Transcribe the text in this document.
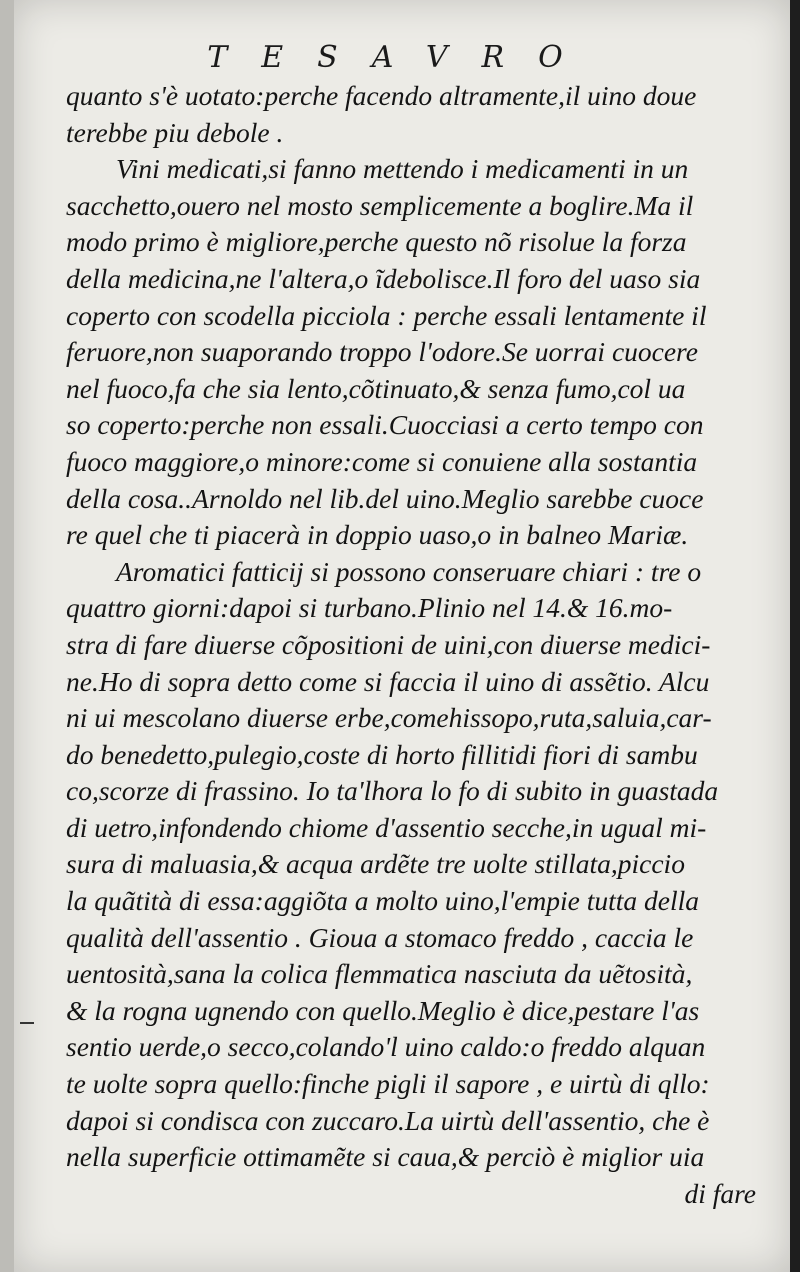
TESAVRO
quanto s'è uotato:perche facendo altramente,il uino doue
terebbe piu debole .
Vini medicati,si fanno mettendo i medicamenti in un
sacchetto,ouero nel mosto semplicemente a boglire.Ma il
modo primo è migliore,perche questo nõ risolue la forza
della medicina,ne l'altera,o ĩdebolisce.Il foro del uaso sia
coperto con scodella picciola : perche essali lentamente il
feruore,non suaporando troppo l'odore.Se uorrai cuocere
nel fuoco,fa che sia lento,cõtinuato,& senza fumo,col ua
so coperto:perche non essali.Cuocciasi a certo tempo con
fuoco maggiore,o minore:come si conuiene alla sostantia
della cosa..Arnoldo nel lib.del uino.Meglio sarebbe cuoce
re quel che ti piacerà in doppio uaso,o in balneo Mariæ.
Aromatici fatticij si possono conseruare chiari : tre o
quattro giorni:dapoi si turbano.Plinio nel 14.& 16.mo-
stra di fare diuerse cõpositioni de uini,con diuerse medici-
ne.Ho di sopra detto come si faccia il uino di assẽtio. Alcu
ni ui mescolano diuerse erbe,comehissopo,ruta,saluia,car-
do benedetto,pulegio,coste di horto fillitidi fiori di sambu
co,scorze di frassino. Io ta'lhora lo fo di subito in guastada
di uetro,infondendo chiome d'assentio secche,in ugual mi-
sura di maluasia,& acqua ardẽte tre uolte stillata,piccio
la quãtità di essa:aggiõta a molto uino,l'empie tutta della
qualità dell'assentio . Gioua a stomaco freddo , caccia le
uentosità,sana la colica flemmatica nasciuta da uẽtosità,
& la rogna ugnendo con quello.Meglio è dice,pestare l'as
sentio uerde,o secco,colando'l uino caldo:o freddo alquan
te uolte sopra quello:finche pigli il sapore , e uirtù di qllo:
dapoi si condisca con zuccaro.La uirtù dell'assentio, che è
nella superficie ottimamẽte si caua,& perciò è miglior uia
di fare
